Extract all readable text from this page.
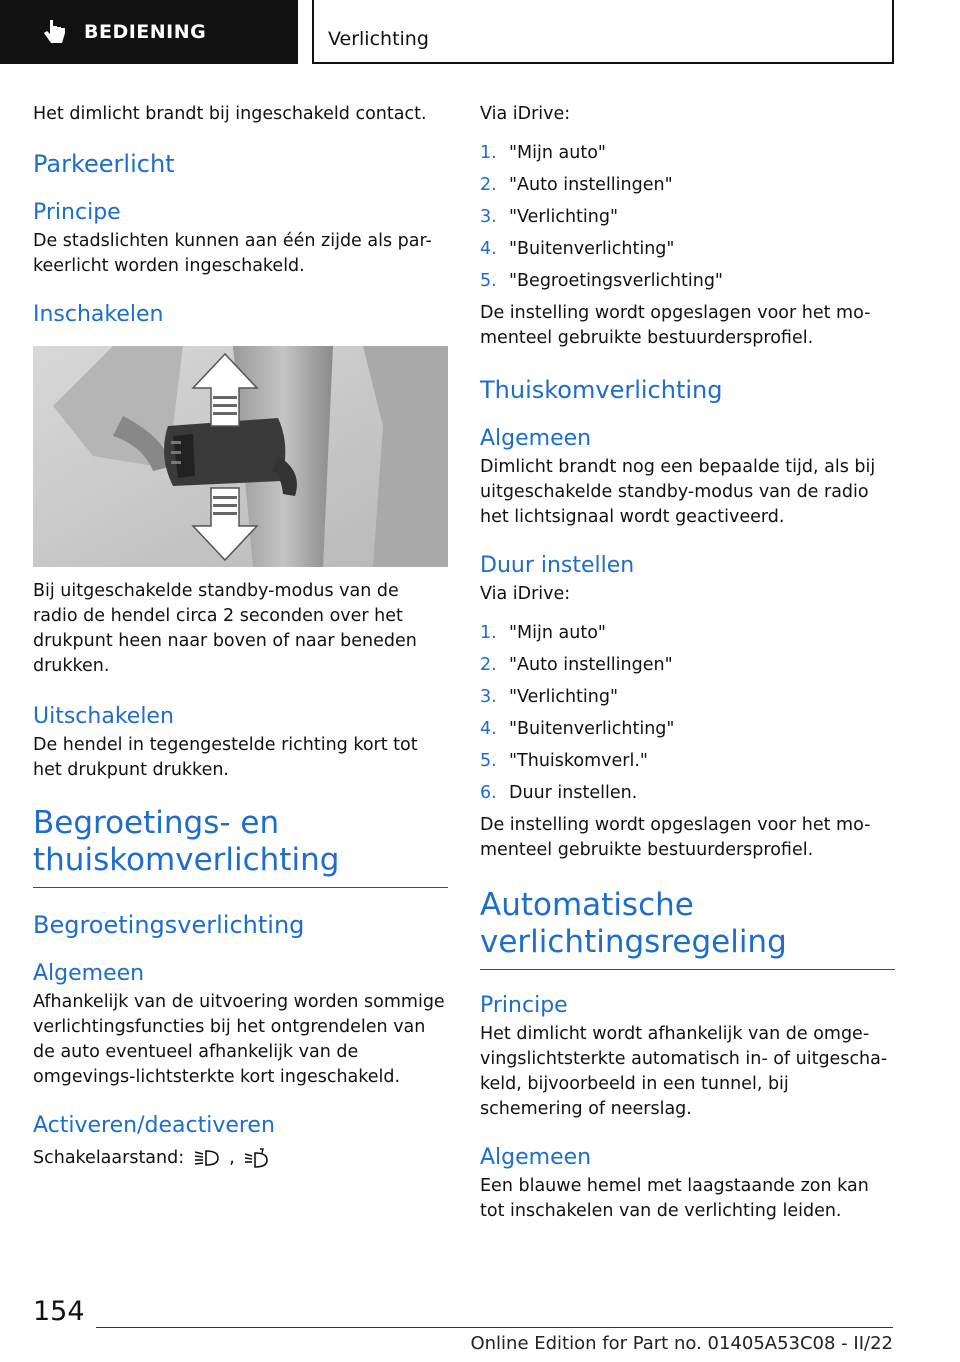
BEDIENING	Verlichting

Het dimlicht brandt bij ingeschakeld contact.

Parkeerlicht
Principe

De stadslichten kunnen aan één zijde als par-keerlicht worden ingeschakeld.

Inschakelen

Bij uitgeschakelde standby-modus van de radio de hendel circa 2 seconden over het drukpunt heen naar boven of naar beneden drukken.

Uitschakelen

De hendel in tegengestelde richting kort tot het drukpunt drukken.

Begroetings- en thuiskomverlichting
Begroetingsverlichting
Algemeen

Afhankelijk van de uitvoering worden sommige verlichtingsfuncties bij het ontgrendelen van de auto eventueel afhankelijk van de omgevings-lichtsterkte kort ingeschakeld.

Activeren/deactiveren

Schakelaarstand:	,

Via iDrive:

1. "Mijn auto"
2. "Auto instellingen"
3. "Verlichting"
4. "Buitenverlichting"
5. "Begroetingsverlichting"

De instelling wordt opgeslagen voor het mo-menteel gebruikte bestuurdersprofiel.

Thuiskomverlichting
Algemeen

Dimlicht brandt nog een bepaalde tijd, als bij uitgeschakelde standby-modus van de radio het lichtsignaal wordt geactiveerd.

Duur instellen

Via iDrive:

1. "Mijn auto"
2. "Auto instellingen"
3. "Verlichting"
4. "Buitenverlichting"
5. "Thuiskomverl."
6. Duur instellen.

De instelling wordt opgeslagen voor het mo-menteel gebruikte bestuurdersprofiel.

Automatische verlichtingsregeling
Principe

Het dimlicht wordt afhankelijk van de omge-vingslichtsterkte automatisch in- of uitgescha-keld, bijvoorbeeld in een tunnel, bij schemering of neerslag.

Algemeen

Een blauwe hemel met laagstaande zon kan tot inschakelen van de verlichting leiden.

154
Online Edition for Part no. 01405A53C08 - II/22
